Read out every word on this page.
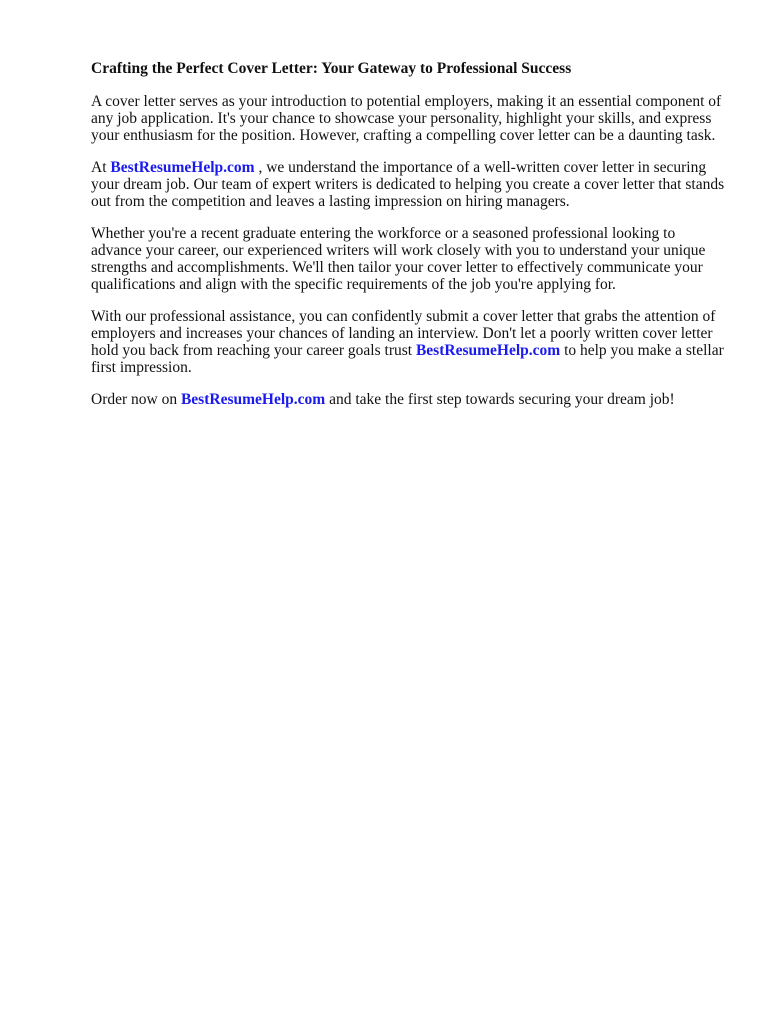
Crafting the Perfect Cover Letter: Your Gateway to Professional Success

A cover letter serves as your introduction to potential employers, making it an essential component of any job application. It's your chance to showcase your personality, highlight your skills, and express your enthusiasm for the position. However, crafting a compelling cover letter can be a daunting task.

At BestResumeHelp.com , we understand the importance of a well-written cover letter in securing your dream job. Our team of expert writers is dedicated to helping you create a cover letter that stands out from the competition and leaves a lasting impression on hiring managers.

Whether you're a recent graduate entering the workforce or a seasoned professional looking to advance your career, our experienced writers will work closely with you to understand your unique strengths and accomplishments. We'll then tailor your cover letter to effectively communicate your qualifications and align with the specific requirements of the job you're applying for.

With our professional assistance, you can confidently submit a cover letter that grabs the attention of employers and increases your chances of landing an interview. Don't let a poorly written cover letter hold you back from reaching your career goals trust BestResumeHelp.com to help you make a stellar first impression.

Order now on BestResumeHelp.com and take the first step towards securing your dream job!
